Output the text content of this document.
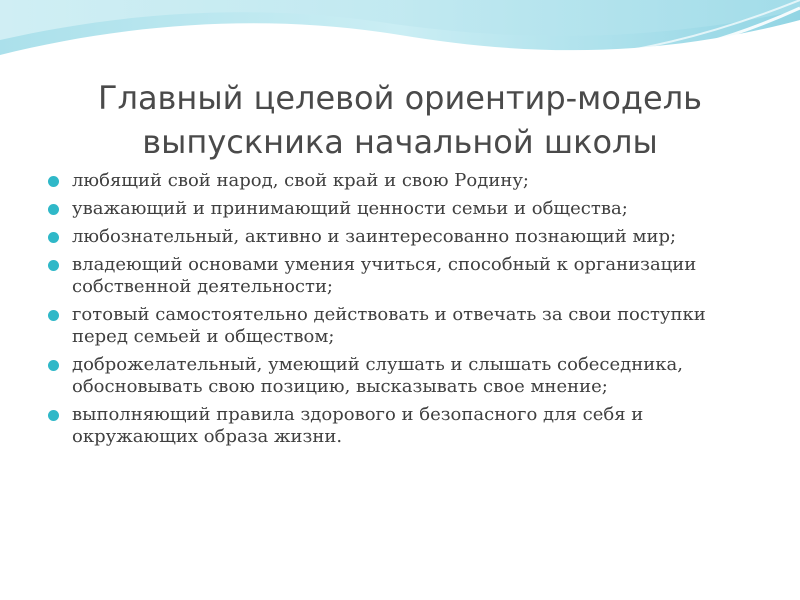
Главный целевой ориентир-модель
выпускника начальной школы
любящий свой народ, свой край и свою Родину;
уважающий и принимающий ценности семьи и общества;
любознательный, активно и заинтересованно познающий мир;
владеющий основами умения учиться, способный к организации собственной деятельности;
готовый самостоятельно действовать и отвечать за свои поступки перед семьей и обществом;
доброжелательный, умеющий слушать и слышать собеседника, обосновывать свою позицию, высказывать свое мнение;
выполняющий правила здорового и безопасного для себя и окружающих образа жизни.
